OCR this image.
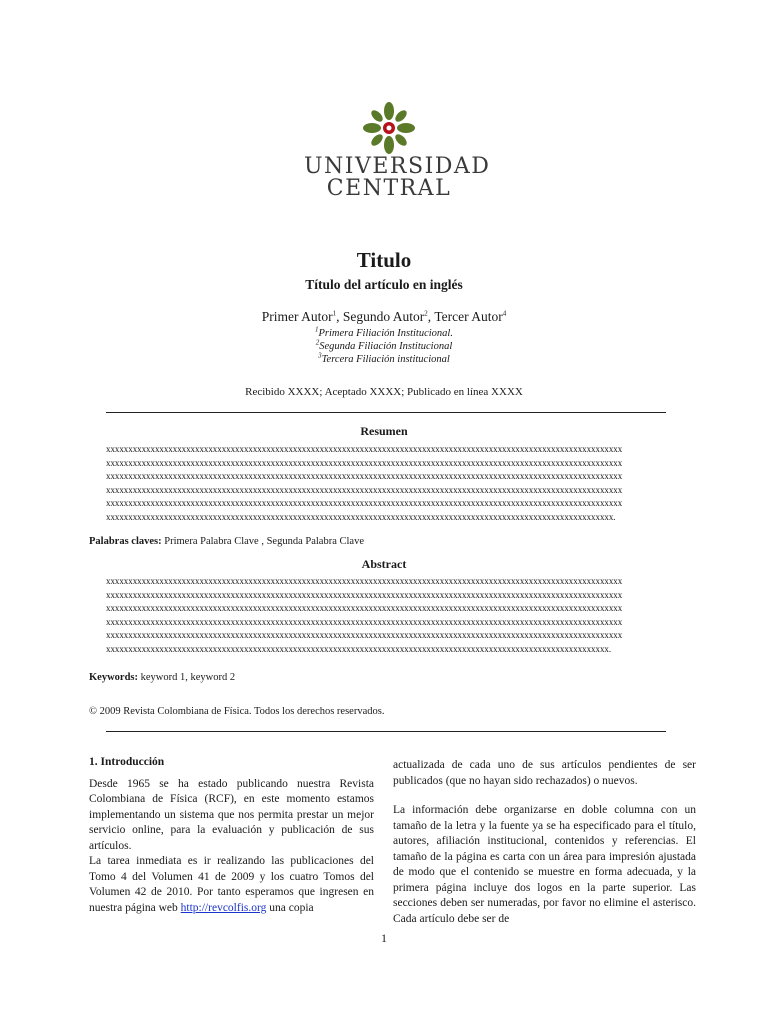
UNIVERSIDAD
CENTRAL
Titulo
Título del artículo en inglés
Primer Autor$^1$, Segundo Autor$^2$, Tercer Autor$^4$
$^1$Primera Filiación Institucional.
$^2$Segunda Filiación Institucional
$^3$Tercera Filiación institucional
Recibido XXXX; Aceptado XXXX; Publicado en línea XXXX
Resumen
xxxxxxxxxxxxxxxxxxxxxxxxxxxxxxxxxxxxxxxxxxxxxxxxxxxxxxxxxxxxxxxxxxxxxxxxxxxxxxxxxxxxxxxxxxxxxxxxxxxxxxxxxxxxxxxxxxxx
xxxxxxxxxxxxxxxxxxxxxxxxxxxxxxxxxxxxxxxxxxxxxxxxxxxxxxxxxxxxxxxxxxxxxxxxxxxxxxxxxxxxxxxxxxxxxxxxxxxxxxxxxxxxxxxxxxxx
xxxxxxxxxxxxxxxxxxxxxxxxxxxxxxxxxxxxxxxxxxxxxxxxxxxxxxxxxxxxxxxxxxxxxxxxxxxxxxxxxxxxxxxxxxxxxxxxxxxxxxxxxxxxxxxxxxxx
xxxxxxxxxxxxxxxxxxxxxxxxxxxxxxxxxxxxxxxxxxxxxxxxxxxxxxxxxxxxxxxxxxxxxxxxxxxxxxxxxxxxxxxxxxxxxxxxxxxxxxxxxxxxxxxxxxxx
xxxxxxxxxxxxxxxxxxxxxxxxxxxxxxxxxxxxxxxxxxxxxxxxxxxxxxxxxxxxxxxxxxxxxxxxxxxxxxxxxxxxxxxxxxxxxxxxxxxxxxxxxxxxxxxxxxxx
xxxxxxxxxxxxxxxxxxxxxxxxxxxxxxxxxxxxxxxxxxxxxxxxxxxxxxxxxxxxxxxxxxxxxxxxxxxxxxxxxxxxxxxxxxxxxxxxxxxxxxxxxxxxxxxxxx.
Palabras claves: Primera Palabra Clave , Segunda Palabra Clave
Abstract
xxxxxxxxxxxxxxxxxxxxxxxxxxxxxxxxxxxxxxxxxxxxxxxxxxxxxxxxxxxxxxxxxxxxxxxxxxxxxxxxxxxxxxxxxxxxxxxxxxxxxxxxxxxxxxxxxxxx
xxxxxxxxxxxxxxxxxxxxxxxxxxxxxxxxxxxxxxxxxxxxxxxxxxxxxxxxxxxxxxxxxxxxxxxxxxxxxxxxxxxxxxxxxxxxxxxxxxxxxxxxxxxxxxxxxxxx
xxxxxxxxxxxxxxxxxxxxxxxxxxxxxxxxxxxxxxxxxxxxxxxxxxxxxxxxxxxxxxxxxxxxxxxxxxxxxxxxxxxxxxxxxxxxxxxxxxxxxxxxxxxxxxxxxxxx
xxxxxxxxxxxxxxxxxxxxxxxxxxxxxxxxxxxxxxxxxxxxxxxxxxxxxxxxxxxxxxxxxxxxxxxxxxxxxxxxxxxxxxxxxxxxxxxxxxxxxxxxxxxxxxxxxxxx
xxxxxxxxxxxxxxxxxxxxxxxxxxxxxxxxxxxxxxxxxxxxxxxxxxxxxxxxxxxxxxxxxxxxxxxxxxxxxxxxxxxxxxxxxxxxxxxxxxxxxxxxxxxxxxxxxxxx
xxxxxxxxxxxxxxxxxxxxxxxxxxxxxxxxxxxxxxxxxxxxxxxxxxxxxxxxxxxxxxxxxxxxxxxxxxxxxxxxxxxxxxxxxxxxxxxxxxxxxxxxxxxxxxxxx.
Keywords: keyword 1, keyword 2
© 2009 Revista Colombiana de Física. Todos los derechos reservados.

1. Introducción

Desde 1965 se ha estado publicando nuestra Revista Colombiana de Física (RCF), en este momento estamos implementando un sistema que nos permita prestar un mejor servicio online, para la evaluación y publicación de sus artículos.

La tarea inmediata es ir realizando las publicaciones del Tomo 4 del Volumen 41 de 2009 y los cuatro Tomos del Volumen 42 de 2010. Por tanto esperamos que ingresen en nuestra página web http://revcolfis.org una copia

actualizada de cada uno de sus artículos pendientes de ser publicados (que no hayan sido rechazados) o nuevos.

La información debe organizarse en doble columna con un tamaño de la letra y la fuente ya se ha especificado para el título, autores, afiliación institucional, contenidos y referencias. El tamaño de la página es carta con un área para impresión ajustada de modo que el contenido se muestre en forma adecuada, y la primera página incluye dos logos en la parte superior. Las secciones deben ser numeradas, por favor no elimine el asterisco. Cada artículo debe ser de

1
